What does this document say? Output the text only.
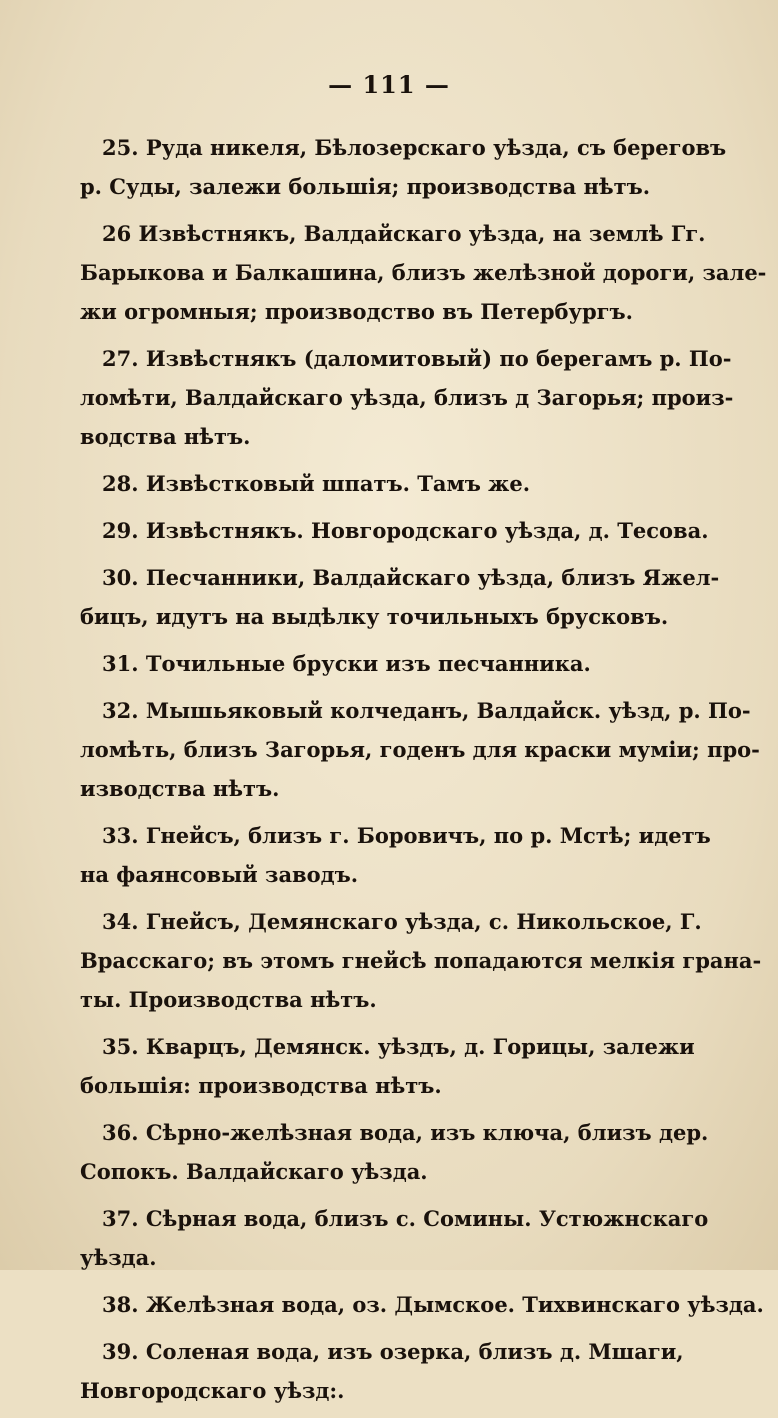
— 111 —
25. Руда никеля, Бѣлозерскаго уѣзда, съ береговъ
р. Суды, залежи большія; производства нѣтъ.
26 Извѣстнякъ, Валдайскаго уѣзда, на землѣ Гг.
Барыкова и Балкашина, близъ желѣзной дороги, зале-
жи огромныя; производство въ Петербургъ.
27. Извѣстнякъ (даломитовый) по берегамъ р. По-
ломѣти, Валдайскаго уѣзда, близъ д Загорья; произ-
водства нѣтъ.
28. Извѣстковый шпатъ. Тамъ же.
29. Извѣстнякъ. Новгородскаго уѣзда, д. Тесова.
30. Песчанники, Валдайскаго уѣзда, близъ Яжел-
бицъ, идутъ на выдѣлку точильныхъ брусковъ.
31. Точильные бруски изъ песчанника.
32. Мышьяковый колчеданъ, Валдайск. уѣзд, р. По-
ломѣть, близъ Загорья, годенъ для краски муміи; про-
изводства нѣтъ.
33. Гнейсъ, близъ г. Боровичъ, по р. Мстѣ; идетъ
на фаянсовый заводъ.
34. Гнейсъ, Демянскаго уѣзда, с. Никольское, Г.
Врасскаго; въ этомъ гнейсѣ попадаются мелкія грана-
ты. Производства нѣтъ.
35. Кварцъ, Демянск. уѣздъ, д. Горицы, залежи
большія: производства нѣтъ.
36. Сѣрно-желѣзная вода, изъ ключа, близъ дер.
Сопокъ. Валдайскаго уѣзда.
37. Сѣрная вода, близъ с. Сомины. Устюжнскаго
уѣзда.
38. Желѣзная вода, оз. Дымское. Тихвинскаго уѣзда.
39. Соленая вода, изъ озерка, близъ д. Мшаги,
Новгородскаго уѣзд:.
